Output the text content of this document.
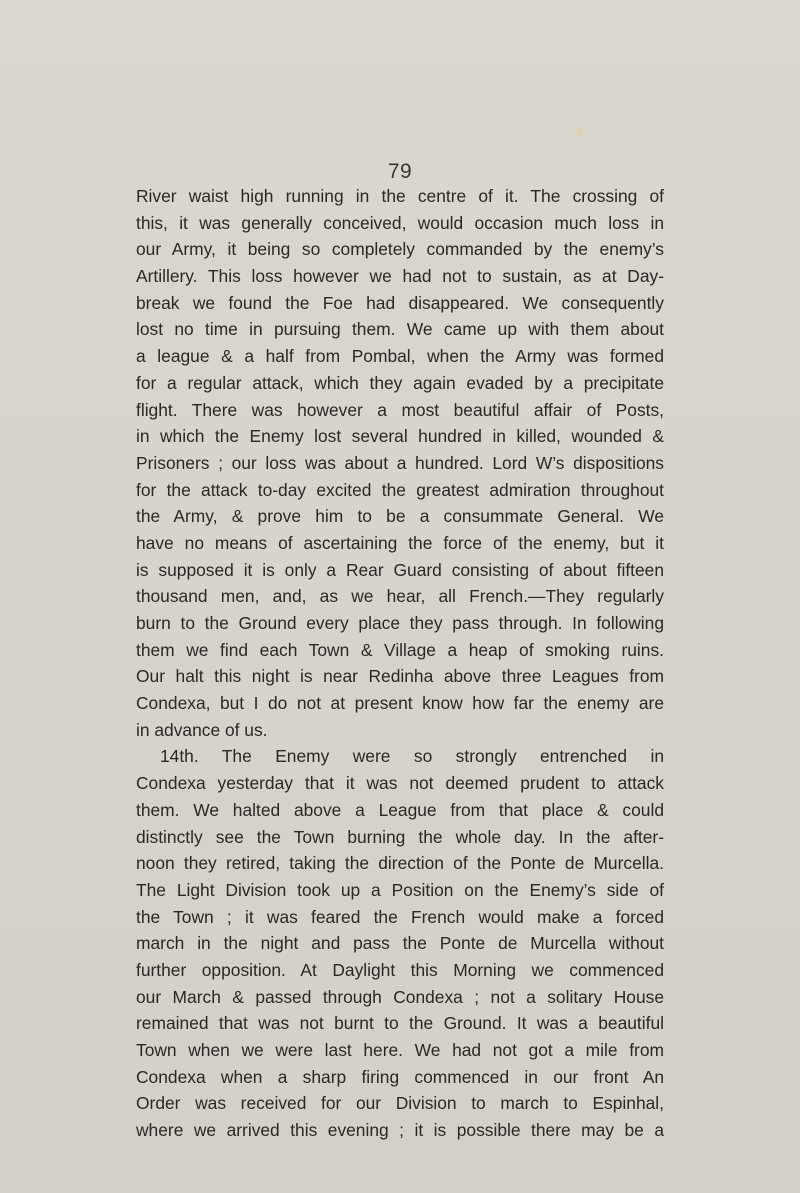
79
River waist high running in the centre of it. The crossing of
this, it was generally conceived, would occasion much loss in
our Army, it being so completely commanded by the enemy’s
Artillery. This loss however we had not to sustain, as at Day-
break we found the Foe had disappeared. We consequently
lost no time in pursuing them. We came up with them about
a league & a half from Pombal, when the Army was formed
for a regular attack, which they again evaded by a precipitate
flight. There was however a most beautiful affair of Posts,
in which the Enemy lost several hundred in killed, wounded &
Prisoners ; our loss was about a hundred. Lord W’s dispositions
for the attack to-day excited the greatest admiration throughout
the Army, & prove him to be a consummate General. We
have no means of ascertaining the force of the enemy, but it
is supposed it is only a Rear Guard consisting of about fifteen
thousand men, and, as we hear, all French.—They regularly
burn to the Ground every place they pass through. In following
them we find each Town & Village a heap of smoking ruins.
Our halt this night is near Redinha above three Leagues from
Condexa, but I do not at present know how far the enemy are
in advance of us.
14th. The Enemy were so strongly entrenched in
Condexa yesterday that it was not deemed prudent to attack
them. We halted above a League from that place & could
distinctly see the Town burning the whole day. In the after-
noon they retired, taking the direction of the Ponte de Murcella.
The Light Division took up a Position on the Enemy’s side of
the Town ; it was feared the French would make a forced
march in the night and pass the Ponte de Murcella without
further opposition. At Daylight this Morning we commenced
our March & passed through Condexa ; not a solitary House
remained that was not burnt to the Ground. It was a beautiful
Town when we were last here. We had not got a mile from
Condexa when a sharp firing commenced in our front An
Order was received for our Division to march to Espinhal,
where we arrived this evening ; it is possible there may be a
